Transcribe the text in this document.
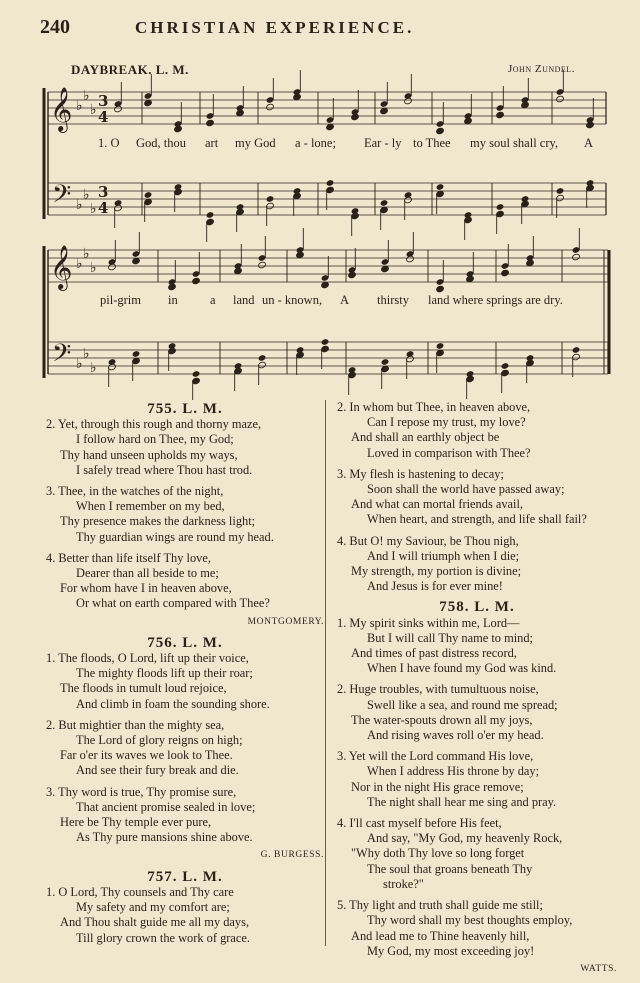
240	CHRISTIAN EXPERIENCE.
DAYBREAK. L. M.	John Zundel.
𝄞
𝄢
♭
♭
♭
♭
♭
♭
3
4
3
4
𝄞
𝄢
♭
♭
♭
♭
♭
♭
1. O God, thou art my God a - lone; Ear - ly to Thee my soul shall cry, A
pil-grim in	a land un - known, A thirsty land where springs are dry.

755. L. M.

2. Yet, through this rough and thorny maze,
I follow hard on Thee, my God;
Thy hand unseen upholds my ways,
I safely tread where Thou hast trod.
3. Thee, in the watches of the night,
When I remember on my bed,
Thy presence makes the darkness light;
Thy guardian wings are round my head.
4. Better than life itself Thy love,
Dearer than all beside to me;
For whom have I in heaven above,
Or what on earth compared with Thee?
MONTGOMERY.

756. L. M.

1. The floods, O Lord, lift up their voice,
The mighty floods lift up their roar;
The floods in tumult loud rejoice,
And climb in foam the sounding shore.
2. But mightier than the mighty sea,
The Lord of glory reigns on high;
Far o'er its waves we look to Thee.
And see their fury break and die.
3. Thy word is true, Thy promise sure,
That ancient promise sealed in love;
Here be Thy temple ever pure,
As Thy pure mansions shine above.
G. BURGESS.

757. L. M.

1. O Lord, Thy counsels and Thy care
My safety and my comfort are;
And Thou shalt guide me all my days,
Till glory crown the work of grace.
2. In whom but Thee, in heaven above,
Can I repose my trust, my love?
And shall an earthly object be
Loved in comparison with Thee?
3. My flesh is hastening to decay;
Soon shall the world have passed away;
And what can mortal friends avail,
When heart, and strength, and life shall fail?
4. But O! my Saviour, be Thou nigh,
And I will triumph when I die;
My strength, my portion is divine;
And Jesus is for ever mine!

758. L. M.

1. My spirit sinks within me, Lord—
But I will call Thy name to mind;
And times of past distress record,
When I have found my God was kind.
2. Huge troubles, with tumultuous noise,
Swell like a sea, and round me spread;
The water-spouts drown all my joys,
And rising waves roll o'er my head.
3. Yet will the Lord command His love,
When I address His throne by day;
Nor in the night His grace remove;
The night shall hear me sing and pray.
4. I'll cast myself before His feet,
And say, "My God, my heavenly Rock,
"Why doth Thy love so long forget
The soul that groans beneath Thy
stroke?"
5. Thy light and truth shall guide me still;
Thy word shall my best thoughts employ,
And lead me to Thine heavenly hill,
My God, my most exceeding joy!
WATTS.
